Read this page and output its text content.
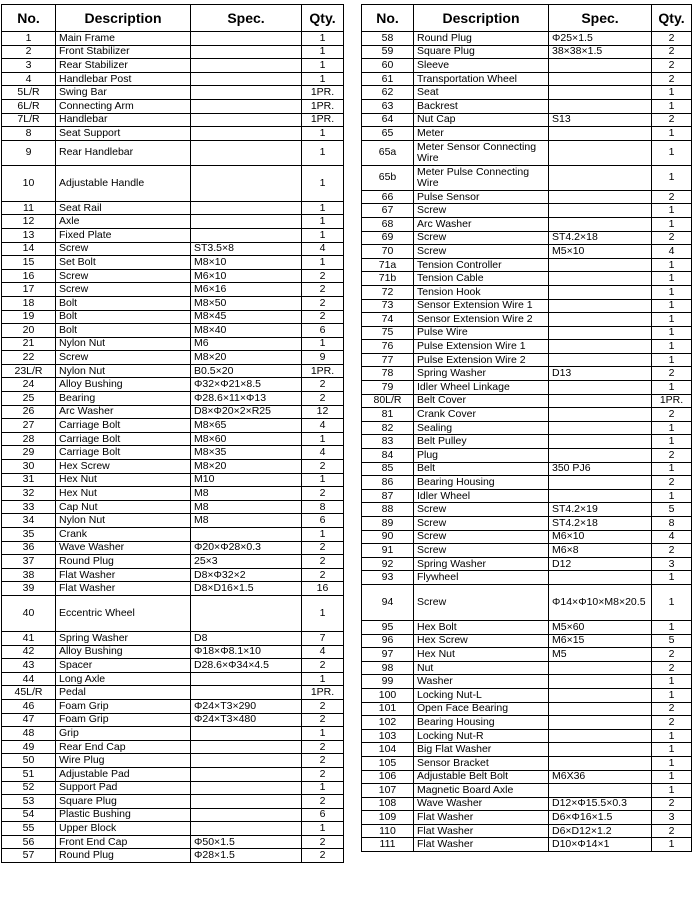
No.	Description	Spec.	Qty.
1	Main Frame		1
2	Front Stabilizer		1
3	Rear Stabilizer		1
4	Handlebar Post		1
5L/R	Swing Bar		1PR.
6L/R	Connecting Arm		1PR.
7L/R	Handlebar		1PR.
8	Seat Support		1
9	Rear Handlebar		1
10	Adjustable Handle		1
11	Seat Rail		1
12	Axle		1
13	Fixed Plate		1
14	Screw	ST3.5×8	4
15	Set Bolt	M8×10	1
16	Screw	M6×10	2
17	Screw	M6×16	2
18	Bolt	M8×50	2
19	Bolt	M8×45	2
20	Bolt	M8×40	6
21	Nylon Nut	M6	1
22	Screw	M8×20	9
23L/R	Nylon Nut	B0.5×20	1PR.
24	Alloy Bushing	Φ32×Φ21×8.5	2
25	Bearing	Φ28.6×11×Φ13	2
26	Arc Washer	D8×Φ20×2×R25	12
27	Carriage Bolt	M8×65	4
28	Carriage Bolt	M8×60	1
29	Carriage Bolt	M8×35	4
30	Hex Screw	M8×20	2
31	Hex Nut	M10	1
32	Hex Nut	M8	2
33	Cap Nut	M8	8
34	Nylon Nut	M8	6
35	Crank		1
36	Wave Washer	Φ20×Φ28×0.3	2
37	Round Plug	25×3	2
38	Flat Washer	D8×Φ32×2	2
39	Flat Washer	D8×D16×1.5	16
40	Eccentric Wheel		1
41	Spring Washer	D8	7
42	Alloy Bushing	Φ18×Φ8.1×10	4
43	Spacer	D28.6×Φ34×4.5	2
44	Long Axle		1
45L/R	Pedal		1PR.
46	Foam Grip	Φ24×T3×290	2
47	Foam Grip	Φ24×T3×480	2
48	Grip		1
49	Rear End Cap		2
50	Wire Plug		2
51	Adjustable Pad		2
52	Support Pad		1
53	Square Plug		2
54	Plastic Bushing		6
55	Upper Block		1
56	Front End Cap	Φ50×1.5	2
57	Round Plug	Φ28×1.5	2
No.	Description	Spec.	Qty.
58	Round Plug	Φ25×1.5	2
59	Square Plug	38×38×1.5	2
60	Sleeve		2
61	Transportation Wheel		2
62	Seat		1
63	Backrest		1
64	Nut Cap	S13	2
65	Meter		1
65a	Meter Sensor Connecting Wire		1
65b	Meter Pulse Connecting Wire		1
66	Pulse Sensor		2
67	Screw		1
68	Arc Washer		1
69	Screw	ST4.2×18	2
70	Screw	M5×10	4
71a	Tension Controller		1
71b	Tension Cable		1
72	Tension Hook		1
73	Sensor Extension Wire 1		1
74	Sensor Extension Wire 2		1
75	Pulse Wire		1
76	Pulse Extension Wire 1		1
77	Pulse Extension Wire 2		1
78	Spring Washer	D13	2
79	Idler Wheel Linkage		1
80L/R	Belt Cover		1PR.
81	Crank Cover		2
82	Sealing		1
83	Belt Pulley		1
84	Plug		2
85	Belt	350 PJ6	1
86	Bearing Housing		2
87	Idler Wheel		1
88	Screw	ST4.2×19	5
89	Screw	ST4.2×18	8
90	Screw	M6×10	4
91	Screw	M6×8	2
92	Spring Washer	D12	3
93	Flywheel		1
94	Screw	Φ14×Φ10×M8×20.5	1
95	Hex Bolt	M5×60	1
96	Hex Screw	M6×15	5
97	Hex Nut	M5	2
98	Nut		2
99	Washer		1
100	Locking Nut-L		1
101	Open Face Bearing		2
102	Bearing Housing		2
103	Locking Nut-R		1
104	Big Flat Washer		1
105	Sensor Bracket		1
106	Adjustable Belt Bolt	M6X36	1
107	Magnetic Board Axle		1
108	Wave Washer	D12×Φ15.5×0.3	2
109	Flat Washer	D6×Φ16×1.5	3
110	Flat Washer	D6×D12×1.2	2
111	Flat Washer	D10×Φ14×1	1
